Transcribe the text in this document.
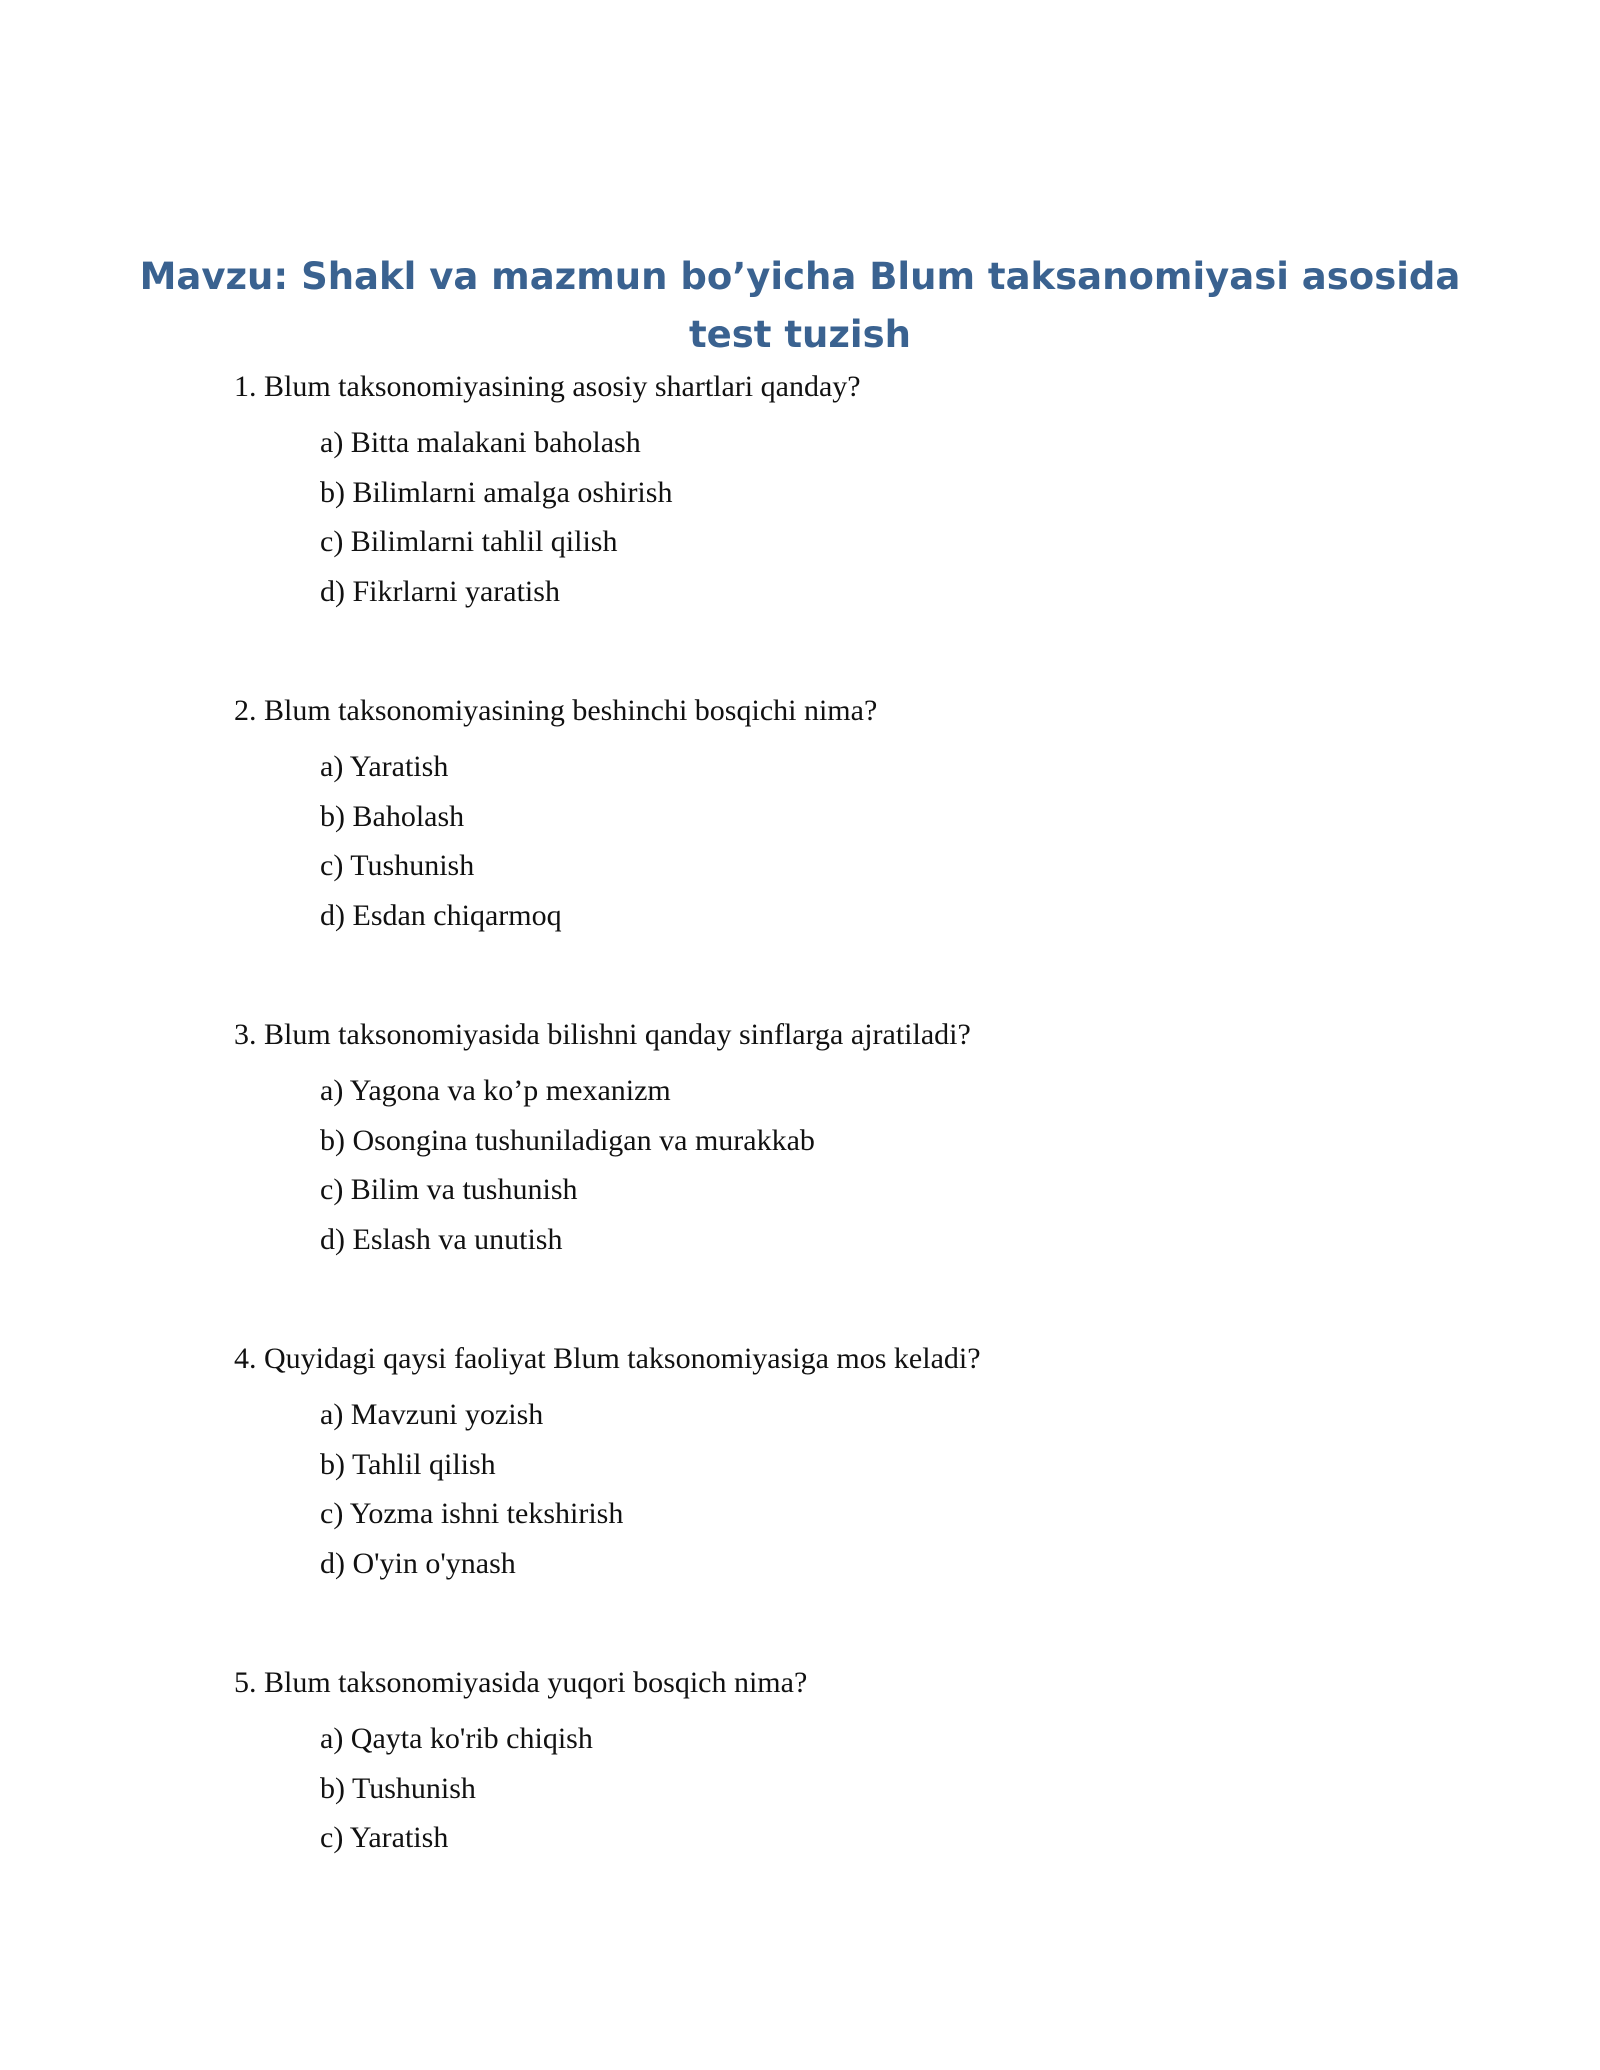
Mavzu: Shakl va mazmun bo’yicha Blum taksanomiyasi asosida
test tuzish

1. Blum taksonomiyasining asosiy shartlari qanday?

a) Bitta malakani baholash
b) Bilimlarni amalga oshirish
c) Bilimlarni tahlil qilish
d) Fikrlarni yaratish

2. Blum taksonomiyasining beshinchi bosqichi nima?

a) Yaratish
b) Baholash
c) Tushunish
d) Esdan chiqarmoq

3. Blum taksonomiyasida bilishni qanday sinflarga ajratiladi?

a) Yagona va ko’p mexanizm
b) Osongina tushuniladigan va murakkab
c) Bilim va tushunish
d) Eslash va unutish

4. Quyidagi qaysi faoliyat Blum taksonomiyasiga mos keladi?

a) Mavzuni yozish
b) Tahlil qilish
c) Yozma ishni tekshirish
d) O'yin o'ynash

5. Blum taksonomiyasida yuqori bosqich nima?

a) Qayta ko'rib chiqish
b) Tushunish
c) Yaratish
